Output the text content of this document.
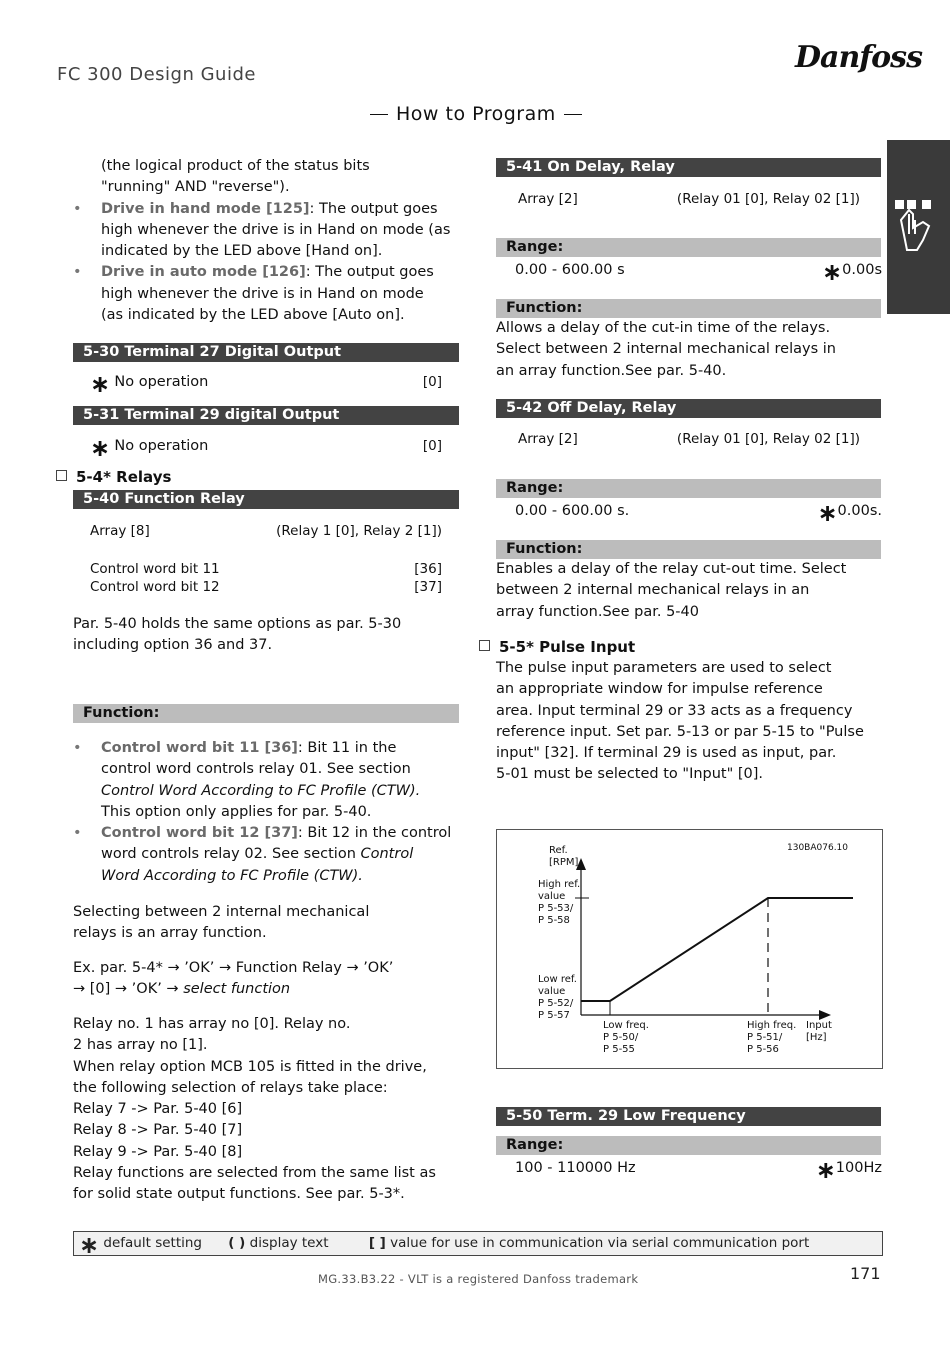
FC 300 Design Guide	Danfoss
How to Program
(the logical product of the status bits
"running" AND "reverse").
• Drive in hand mode [125]: The output goes
high whenever the drive is in Hand on mode (as
indicated by the LED above [Hand on].
• Drive in auto mode [126]: The output goes
high whenever the drive is in Hand on mode
(as indicated by the LED above [Auto on].
5-30 Terminal 27 Digital Output
∗ No operation	[0]
5-31 Terminal 29 digital Output
∗ No operation	[0]
5-4* Relays
5-40 Function Relay
Array [8]	(Relay 1 [0], Relay 2 [1])
Control word bit 11	[36]
Control word bit 12	[37]
Par. 5-40 holds the same options as par. 5-30
including option 36 and 37.
Function:
• Control word bit 11 [36]: Bit 11 in the
control word controls relay 01. See section
Control Word According to FC Profile (CTW).
This option only applies for par. 5-40.
• Control word bit 12 [37]: Bit 12 in the control
word controls relay 02. See section Control
Word According to FC Profile (CTW).
Selecting between 2 internal mechanical
relays is an array function.
Ex. par. 5-4* → ’OK’ → Function Relay → ’OK’
→ [0] → ’OK’ → select function
Relay no. 1 has array no [0]. Relay no.
2 has array no [1].
When relay option MCB 105 is fitted in the drive,
the following selection of relays take place:
Relay 7 -> Par. 5-40 [6]
Relay 8 -> Par. 5-40 [7]
Relay 9 -> Par. 5-40 [8]
Relay functions are selected from the same list as
for solid state output functions. See par. 5-3*.
5-41 On Delay, Relay
Array [2]	(Relay 01 [0], Relay 02 [1])
Range:
0.00 - 600.00 s	∗0.00s
Function:
Allows a delay of the cut-in time of the relays.
Select between 2 internal mechanical relays in
an array function.See par. 5-40.
5-42 Off Delay, Relay
Array [2]	(Relay 01 [0], Relay 02 [1])
Range:
0.00 - 600.00 s.	∗0.00s.
Function:
Enables a delay of the relay cut-out time. Select
between 2 internal mechanical relays in an
array function.See par. 5-40
5-5* Pulse Input
The pulse input parameters are used to select
an appropriate window for impulse reference
area. Input terminal 29 or 33 acts as a frequency
reference input. Set par. 5-13 or par 5-15 to "Pulse
input" [32]. If terminal 29 is used as input, par.
5-01 must be selected to "Input" [0].
130BA076.10
Ref.
[RPM]
High ref.
value
P 5-53/
P 5-58
Low ref.
value
P 5-52/
P 5-57
Low freq.
P 5-50/
P 5-55
High freq.
P 5-51/
P 5-56
Input
[Hz]
5-50 Term. 29 Low Frequency
Range:
100 - 110000 Hz	∗100Hz
∗ default setting ( ) display text	[ ] value for use in communication via serial communication port
MG.33.B3.22 - VLT is a registered Danfoss trademark	171
